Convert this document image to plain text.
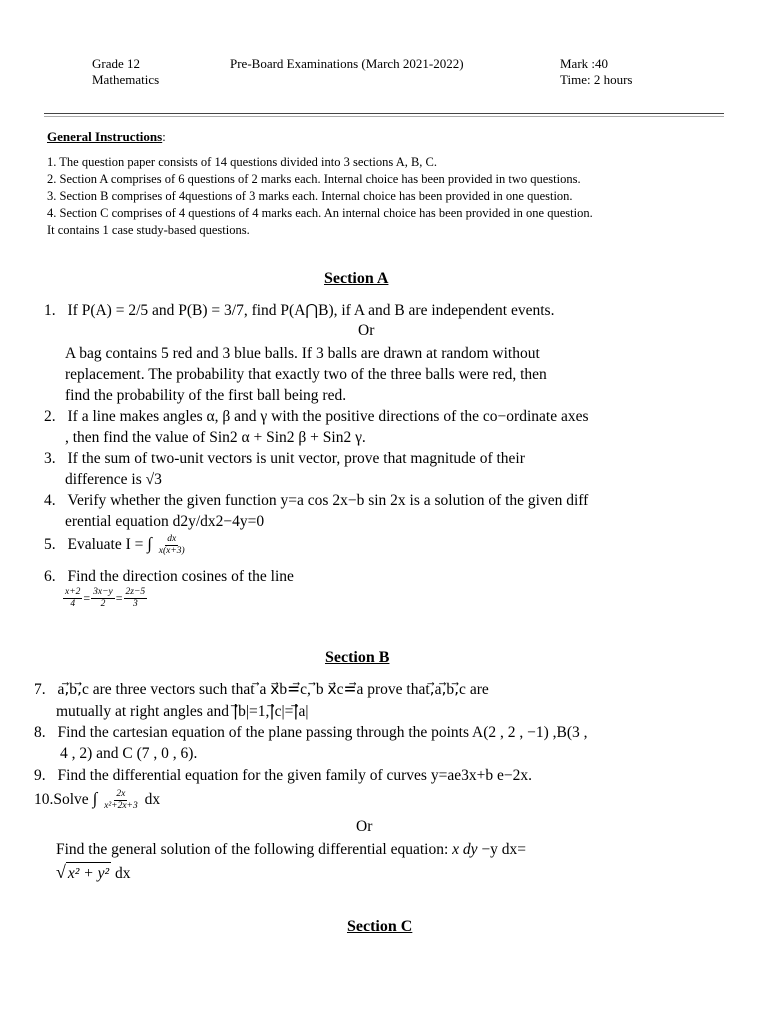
Grade 12
Mathematics
Pre-Board Examinations (March 2021-2022)	Mark :40
Time: 2 hours
General Instructions:
1. The question paper consists of 14 questions divided into 3 sections A, B, C.
2. Section A comprises of 6 questions of 2 marks each. Internal choice has been provided in two questions.
3. Section B comprises of 4questions of 3 marks each. Internal choice has been provided in one question.
4. Section C comprises of 4 questions of 4 marks each. An internal choice has been provided in one question.
It contains 1 case study-based questions.
Section A
1. If P(A) = 2/5 and P(B) = 3/7, find P(A⋂B), if A and B are independent events.
Or
A bag contains 5 red and 3 blue balls. If 3 balls are drawn at random without
replacement. The probability that exactly two of the three balls were red, then
find the probability of the first ball being red.
2. If a line makes angles α, β and γ with the positive directions of the co−ordinate axes
, then find the value of Sin2 α + Sin2 β + Sin2 γ.
3. If the sum of two-unit vectors is unit vector, prove that magnitude of their
difference is √3
4. Verify whether the given function y=a cos 2x−b sin 2x is a solution of the given diff
erential equation d2y/dx2−4y=0
5. Evaluate I = ∫ $\frac{dx}{x(x+3)}$
6. Find the direction cosines of the line
$\frac{x+2}{4} = \frac{3x-y}{2} = \frac{2z-5}{3}$
Section B
7. a,⃗b,⃗c are three vectors such that ⃗a x⃗b=⃗c, ⃗b x⃗c=⃗a prove that,⃗a,⃗b,⃗c are
mutually at right angles and |⃗b|=1,|⃗c|=|⃗a|
8. Find the cartesian equation of the plane passing through the points A(2 , 2 , −1) ,B(3 ,
4 , 2) and C (7 , 0 , 6).
9. Find the differential equation for the given family of curves y=ae3x+b e−2x.
10.Solve ∫ $\frac{2x}{\text{x²+2x+3}}$ dx
Or
Find the general solution of the following differential equation: x dy −y dx=
√ x² + y² dx
Section C
